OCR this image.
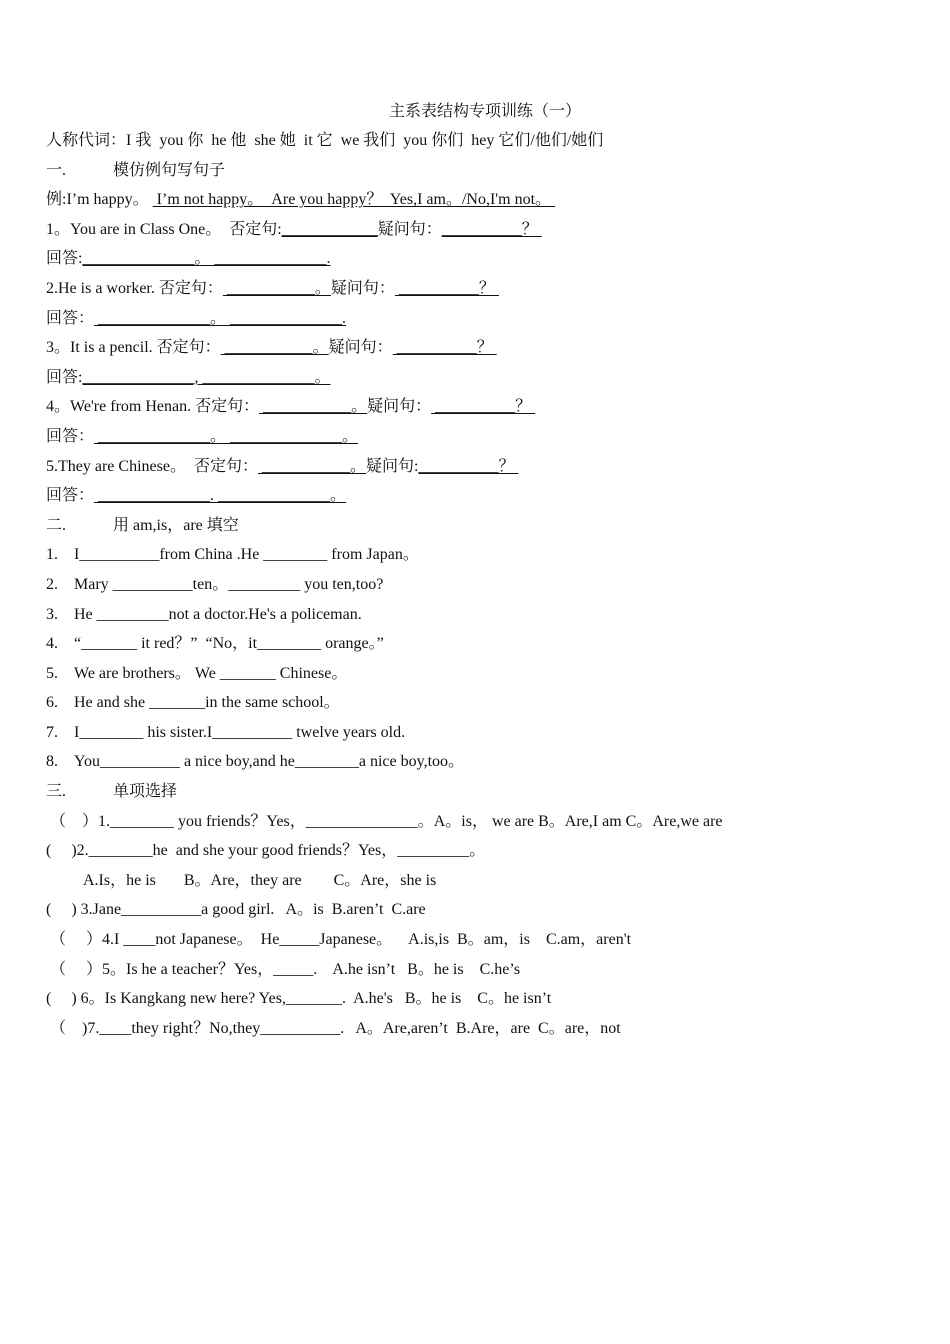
主系表结构专项训练（一）
人称代词：I 我  you 你  he 他  she 她  it 它  we 我们  you 你们  hey 它们/他们/她们
一.	模仿例句写句子
例:I’m happy。  I’m not happy。  Are you happy？  Yes,I am。/No,I'm not。
1。You are in Class One。  否定句:____________疑问句：__________？
回答:______________。 ______________.
2.He is a worker. 否定句： ___________。疑问句： __________？
回答： ______________。 ______________.
3。It is a pencil. 否定句： ___________。疑问句： __________？
回答:______________, ______________。
4。We're from Henan. 否定句： ___________。疑问句： __________？
回答： ______________。 ______________。
5.They are Chinese。  否定句： ___________。疑问句:__________？
回答： ______________. ______________。
二.	用 am,is，are 填空
1. I__________from China .He ________ from Japan。
2. Mary __________ten。_________ you ten,too?
3. He _________not a doctor.He's a policeman.
4. “_______ it red？”  “No，it________ orange。”
5. We are brothers。 We _______ Chinese。
6. He and she _______in the same school。
7. I________ his sister.I__________ twelve years old.
8. You__________ a nice boy,and he________a nice boy,too。
三.	单项选择
（    ）1.________ you friends？Yes，______________。A。is， we are B。Are,I am C。Are,we are
(     )2.________he  and she your good friends？Yes，_________。
A.Is，he is       B。Are，they are        C。Are，she is
(     ) 3.Jane__________a good girl.   A。is  B.aren’t  C.are
（     ）4.I ____not Japanese。  He_____Japanese。    A.is,is  B。am，is    C.am，aren't
（     ）5。Is he a teacher？Yes，_____.    A.he isn’t   B。he is    C.he’s
(     ) 6。Is Kangkang new here? Yes,_______.  A.he's   B。he is    C。he isn’t
（    )7.____they right？No,they__________.   A。Are,aren’t  B.Are，are  C。are，not
